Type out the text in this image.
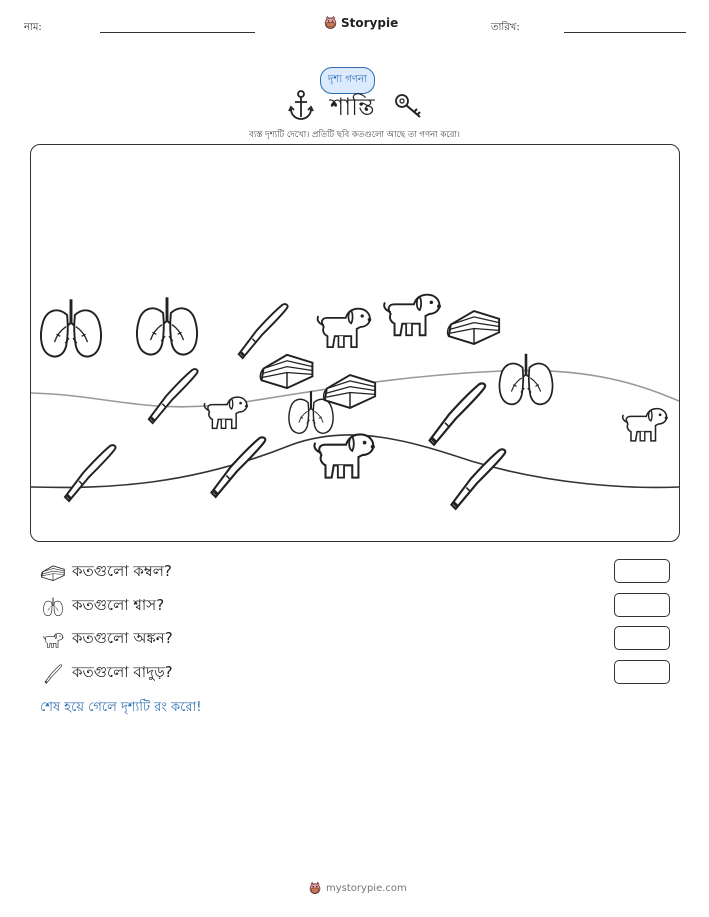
নাম:	Storypie	তারিখ:
দৃশ্য গণনা
শান্তি
ব্যস্ত দৃশ্যটি দেখো। প্রতিটি ছবি কতগুলো আছে তা গণনা করো।
কতগুলো কম্বল?
কতগুলো শ্বাস?
কতগুলো অঙ্কন?
কতগুলো বাদুড়?
শেষ হয়ে গেলে দৃশ্যটি রং করো!
mystorypie.com
